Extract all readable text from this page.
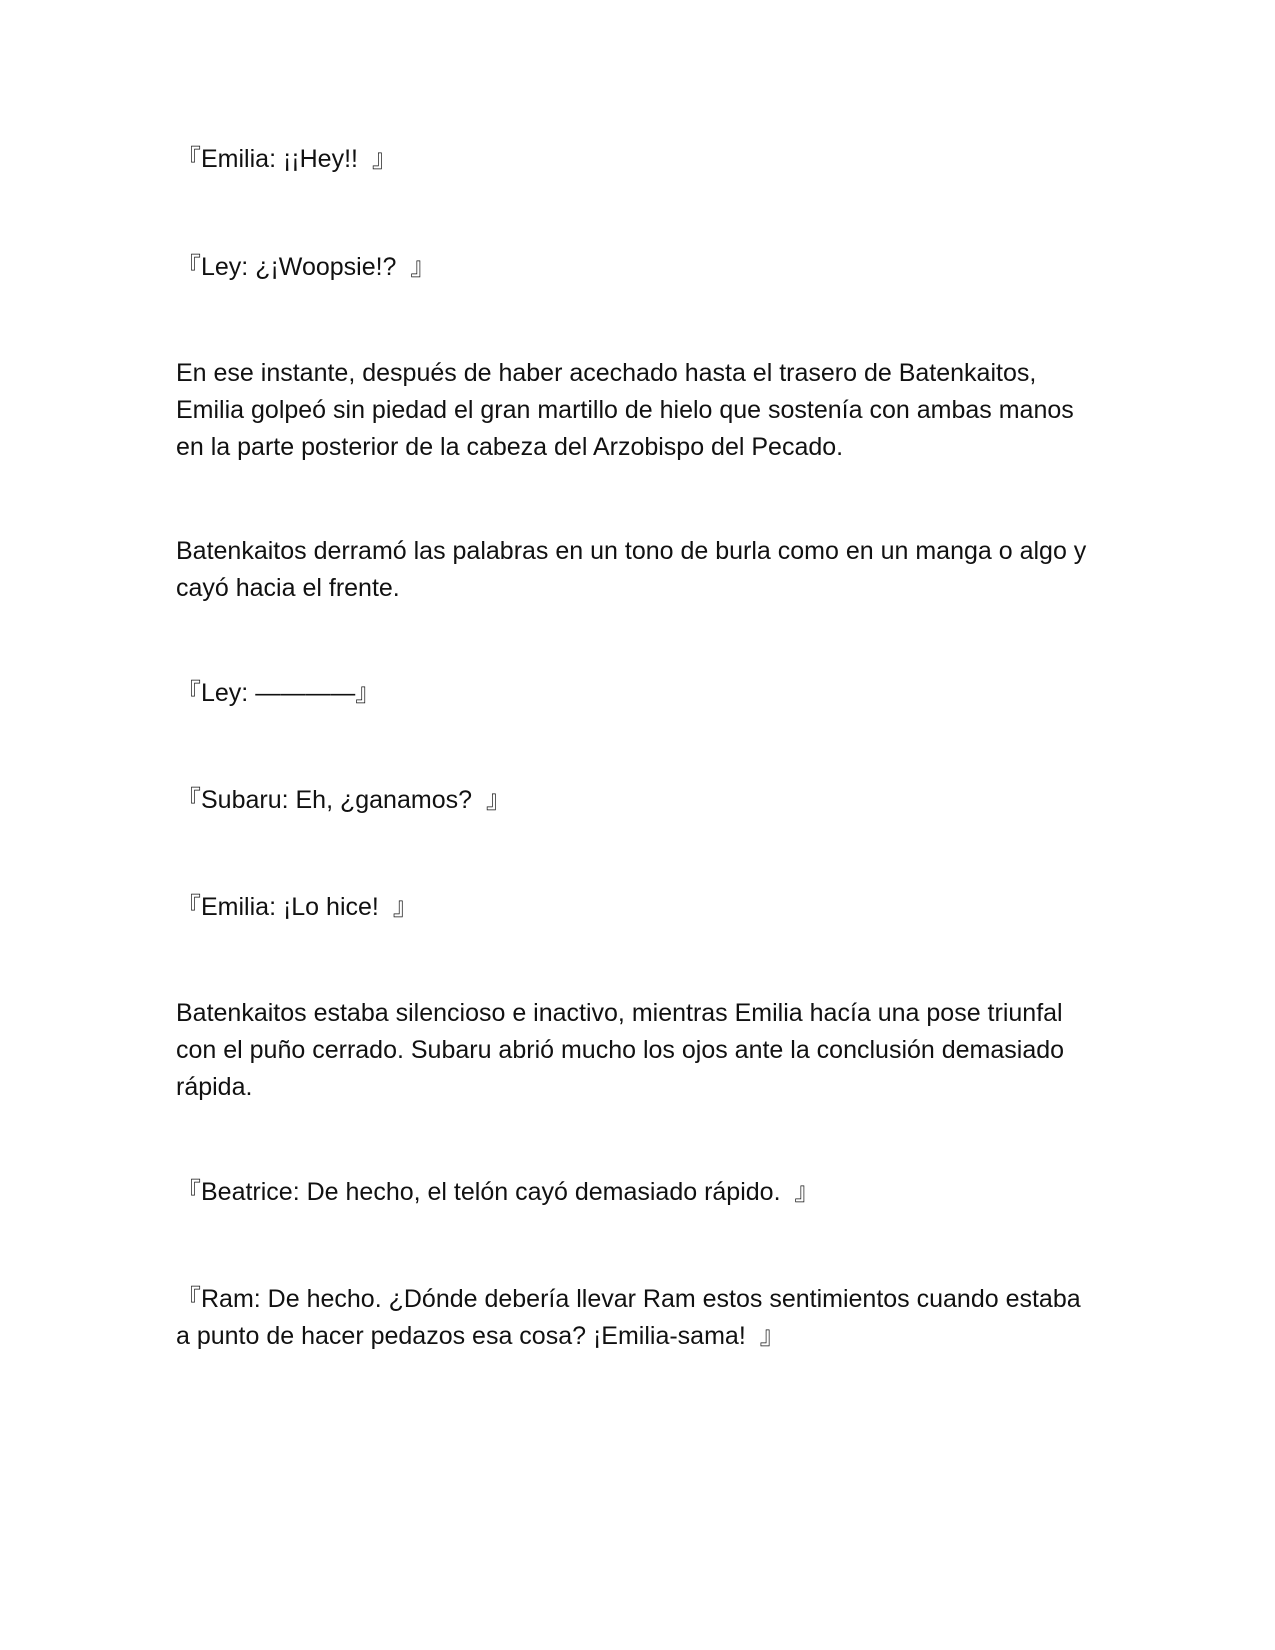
『Emilia: ¡¡Hey!!  』

『Ley: ¿¡Woopsie!?  』

En ese instante, después de haber acechado hasta el trasero de Batenkaitos, Emilia golpeó sin piedad el gran martillo de hielo que sostenía con ambas manos en la parte posterior de la cabeza del Arzobispo del Pecado.

Batenkaitos derramó las palabras en un tono de burla como en un manga o algo y cayó hacia el frente.

『Ley: ————』

『Subaru: Eh, ¿ganamos?  』

『Emilia: ¡Lo hice!  』

Batenkaitos estaba silencioso e inactivo, mientras Emilia hacía una pose triunfal con el puño cerrado. Subaru abrió mucho los ojos ante la conclusión demasiado rápida.

『Beatrice: De hecho, el telón cayó demasiado rápido.  』

『Ram: De hecho. ¿Dónde debería llevar Ram estos sentimientos cuando estaba a punto de hacer pedazos esa cosa? ¡Emilia-sama!  』
